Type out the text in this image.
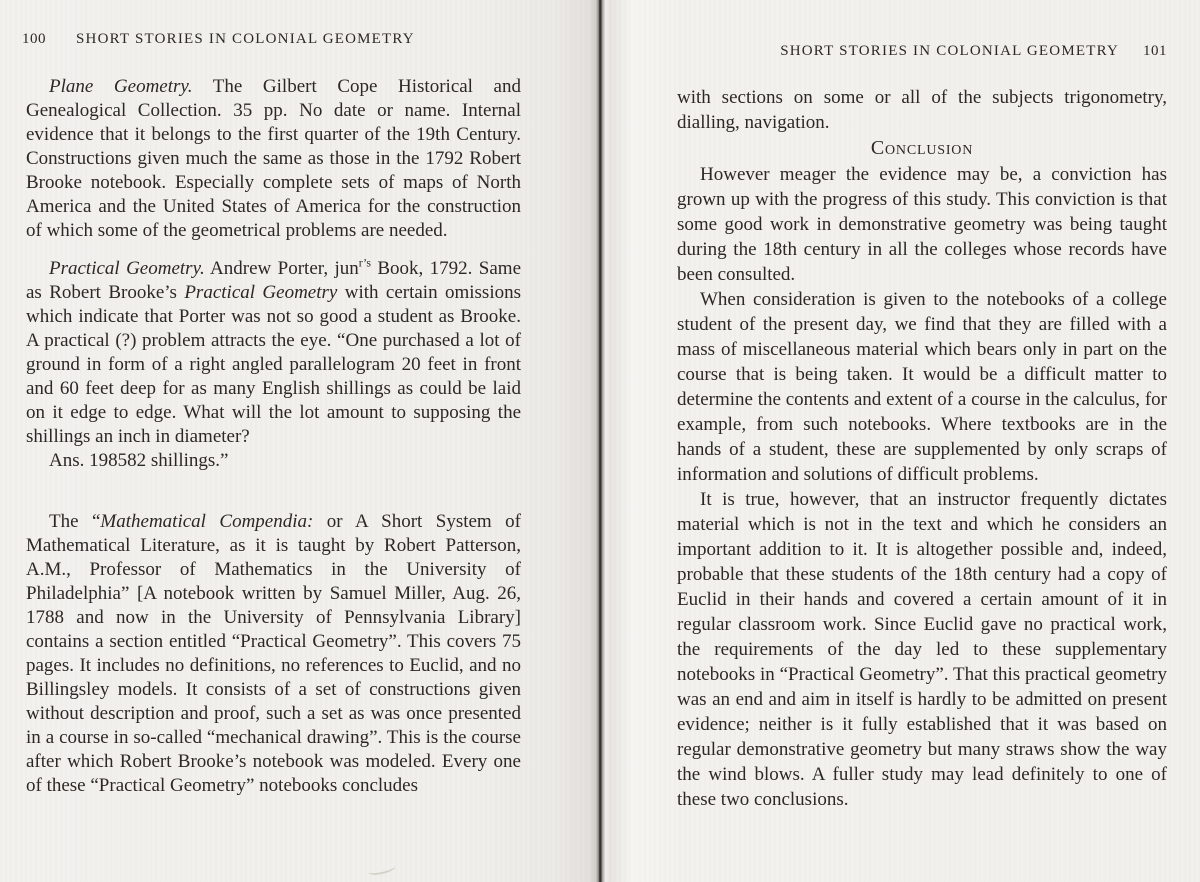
100 SHORT STORIES IN COLONIAL GEOMETRY

Plane Geometry. The Gilbert Cope Historical and Genealogical Collection. 35 pp. No date or name. Internal evidence that it belongs to the first quarter of the 19th Century. Constructions given much the same as those in the 1792 Robert Brooke notebook. Especially complete sets of maps of North America and the United States of America for the construction of which some of the geometrical problems are needed.

Practical Geometry. Andrew Porter, jun$^{r’s}$ Book, 1792. Same as Robert Brooke’s Practical Geometry with certain omissions which indicate that Porter was not so good a student as Brooke. A practical (?) problem attracts the eye. “One purchased a lot of ground in form of a right angled parallelogram 20 feet in front and 60 feet deep for as many English shillings as could be laid on it edge to edge. What will the lot amount to supposing the shillings an inch in diameter?

Ans. 198582 shillings.”

The “Mathematical Compendia: or A Short System of Mathematical Literature, as it is taught by Robert Patterson, A.M., Professor of Mathematics in the University of Philadelphia” [A notebook written by Samuel Miller, Aug. 26, 1788 and now in the University of Pennsylvania Library] contains a section entitled “Practical Geometry”. This covers 75 pages. It includes no definitions, no references to Euclid, and no Billingsley models. It consists of a set of constructions given without description and proof, such a set as was once presented in a course in so-called “mechanical drawing”. This is the course after which Robert Brooke’s notebook was modeled. Every one of these “Practical Geometry” notebooks concludes

SHORT STORIES IN COLONIAL GEOMETRY 101

with sections on some or all of the subjects trigonometry, dialling, navigation.

Conclusion

However meager the evidence may be, a conviction has grown up with the progress of this study. This conviction is that some good work in demonstrative geometry was being taught during the 18th century in all the colleges whose records have been consulted.

When consideration is given to the notebooks of a college student of the present day, we find that they are filled with a mass of miscellaneous material which bears only in part on the course that is being taken. It would be a difficult matter to determine the contents and extent of a course in the calculus, for example, from such notebooks. Where textbooks are in the hands of a student, these are supplemented by only scraps of information and solutions of difficult problems.

It is true, however, that an instructor frequently dictates material which is not in the text and which he considers an important addition to it. It is altogether possible and, indeed, probable that these students of the 18th century had a copy of Euclid in their hands and covered a certain amount of it in regular classroom work. Since Euclid gave no practical work, the requirements of the day led to these supplementary notebooks in “Practical Geometry”. That this practical geometry was an end and aim in itself is hardly to be admitted on present evidence; neither is it fully established that it was based on regular demonstrative geometry but many straws show the way the wind blows. A fuller study may lead definitely to one of these two conclusions.
